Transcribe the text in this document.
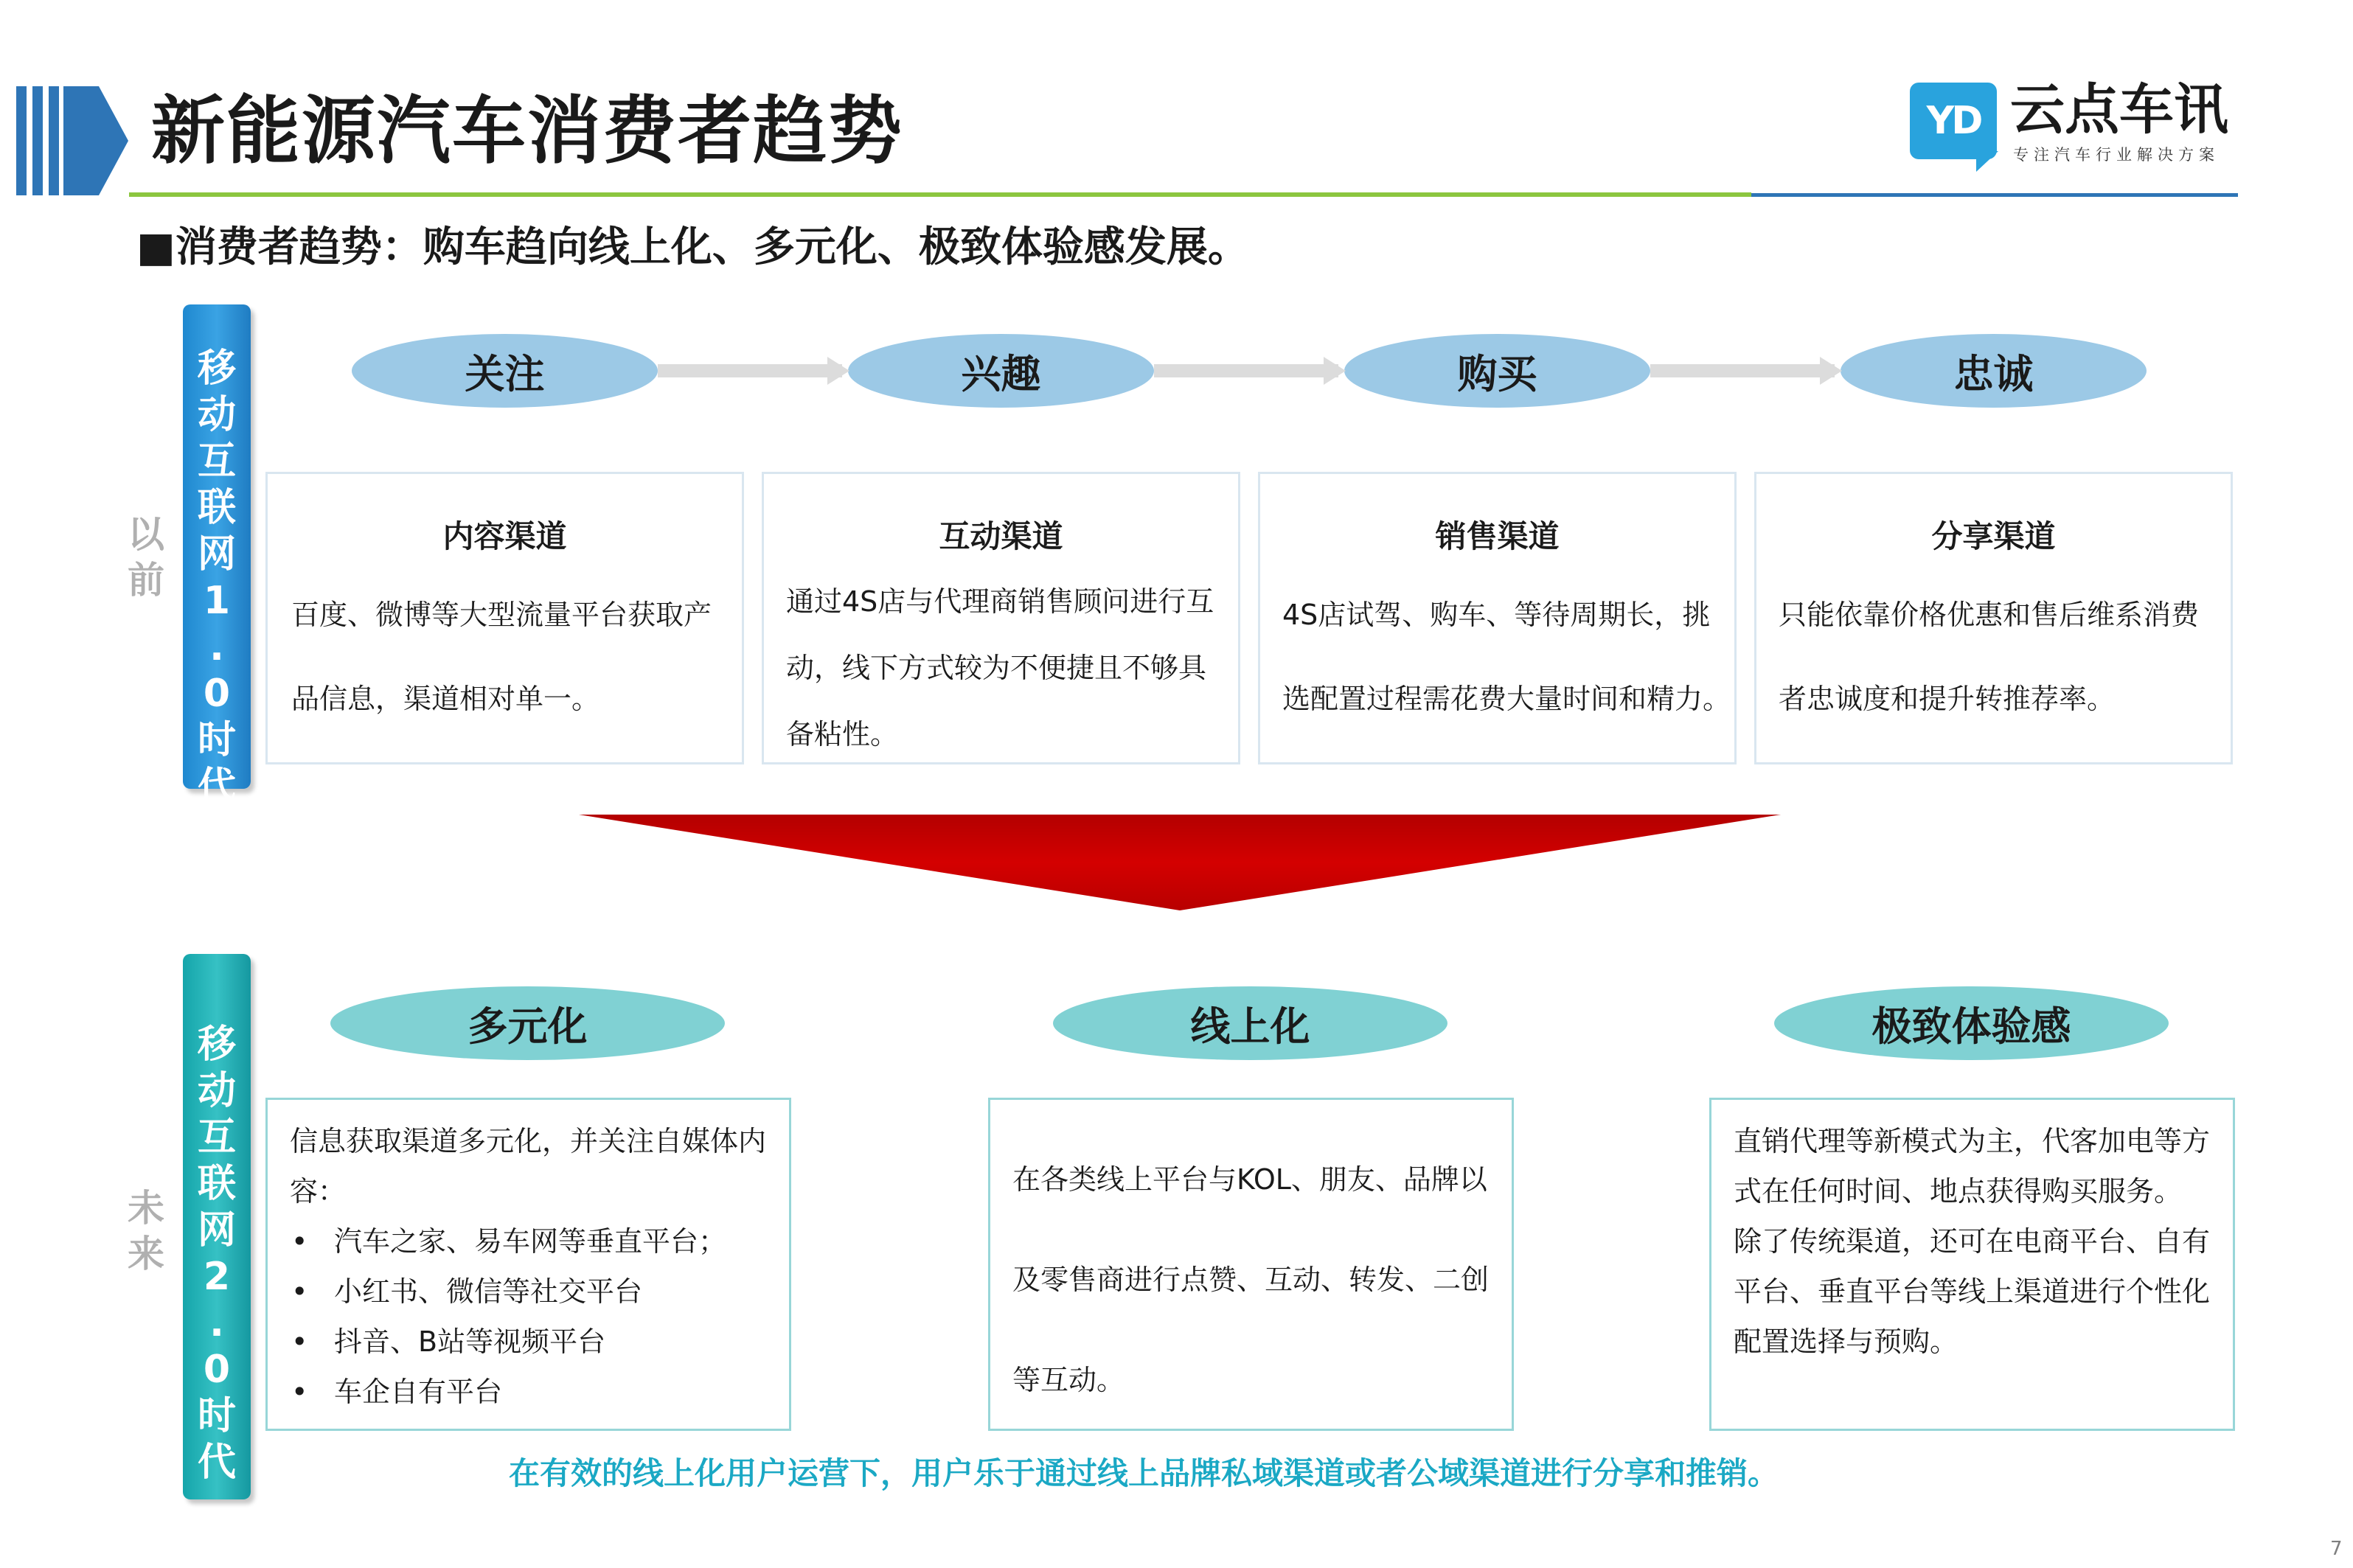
新能源汽车消费者趋势	YD 云点车讯
专注汽车行业解决方案
■消费者趋势：购车趋向线上化、多元化、极致体验感发展。
移
动
互
联
网
1
.
0
时
代
以
前
关注	兴趣	购买	忠诚
内容渠道
百度、微博等大型流量平台获取产
品信息，渠道相对单一。
互动渠道
通过4S店与代理商销售顾问进行互
动，线下方式较为不便捷且不够具
备粘性。
销售渠道
4S店试驾、购车、等待周期长，挑
选配置过程需花费大量时间和精力。
分享渠道
只能依靠价格优惠和售后维系消费
者忠诚度和提升转推荐率。
移
动
互
联
网
2
.
0
时
代
未
来
多元化	线上化	极致体验感
信息获取渠道多元化，并关注自媒体内
容：
• 汽车之家、易车网等垂直平台；
• 小红书、微信等社交平台
• 抖音、B站等视频平台
• 车企自有平台
在各类线上平台与KOL、朋友、品牌以
及零售商进行点赞、互动、转发、二创
等互动。
直销代理等新模式为主，代客加电等方
式在任何时间、地点获得购买服务。
除了传统渠道，还可在电商平台、自有
平台、垂直平台等线上渠道进行个性化
配置选择与预购。
在有效的线上化用户运营下，用户乐于通过线上品牌私域渠道或者公域渠道进行分享和推销。
7
